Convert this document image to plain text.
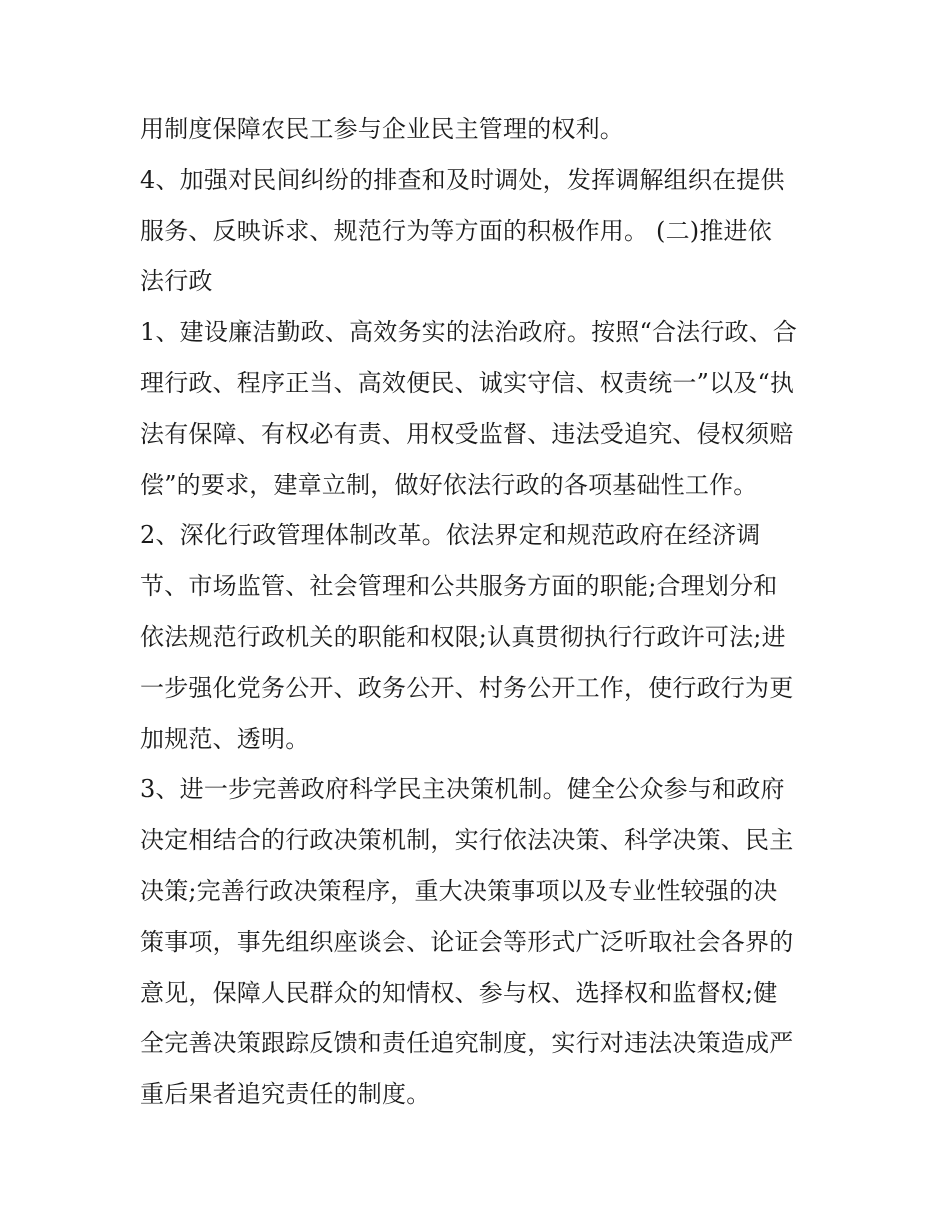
用制度保障农民工参与企业民主管理的权利。
4、加强对民间纠纷的排查和及时调处，发挥调解组织在提供
服务、反映诉求、规范行为等方面的积极作用。 (二)推进依
法行政
1、建设廉洁勤政、高效务实的法治政府。按照“合法行政、合
理行政、程序正当、高效便民、诚实守信、权责统一”以及“执
法有保障、有权必有责、用权受监督、违法受追究、侵权须赔
偿”的要求，建章立制，做好依法行政的各项基础性工作。
2、深化行政管理体制改革。依法界定和规范政府在经济调
节、市场监管、社会管理和公共服务方面的职能;合理划分和
依法规范行政机关的职能和权限;认真贯彻执行行政许可法;进
一步强化党务公开、政务公开、村务公开工作，使行政行为更
加规范、透明。
3、进一步完善政府科学民主决策机制。健全公众参与和政府
决定相结合的行政决策机制，实行依法决策、科学决策、民主
决策;完善行政决策程序，重大决策事项以及专业性较强的决
策事项，事先组织座谈会、论证会等形式广泛听取社会各界的
意见，保障人民群众的知情权、参与权、选择权和监督权;健
全完善决策跟踪反馈和责任追究制度，实行对违法决策造成严
重后果者追究责任的制度。
